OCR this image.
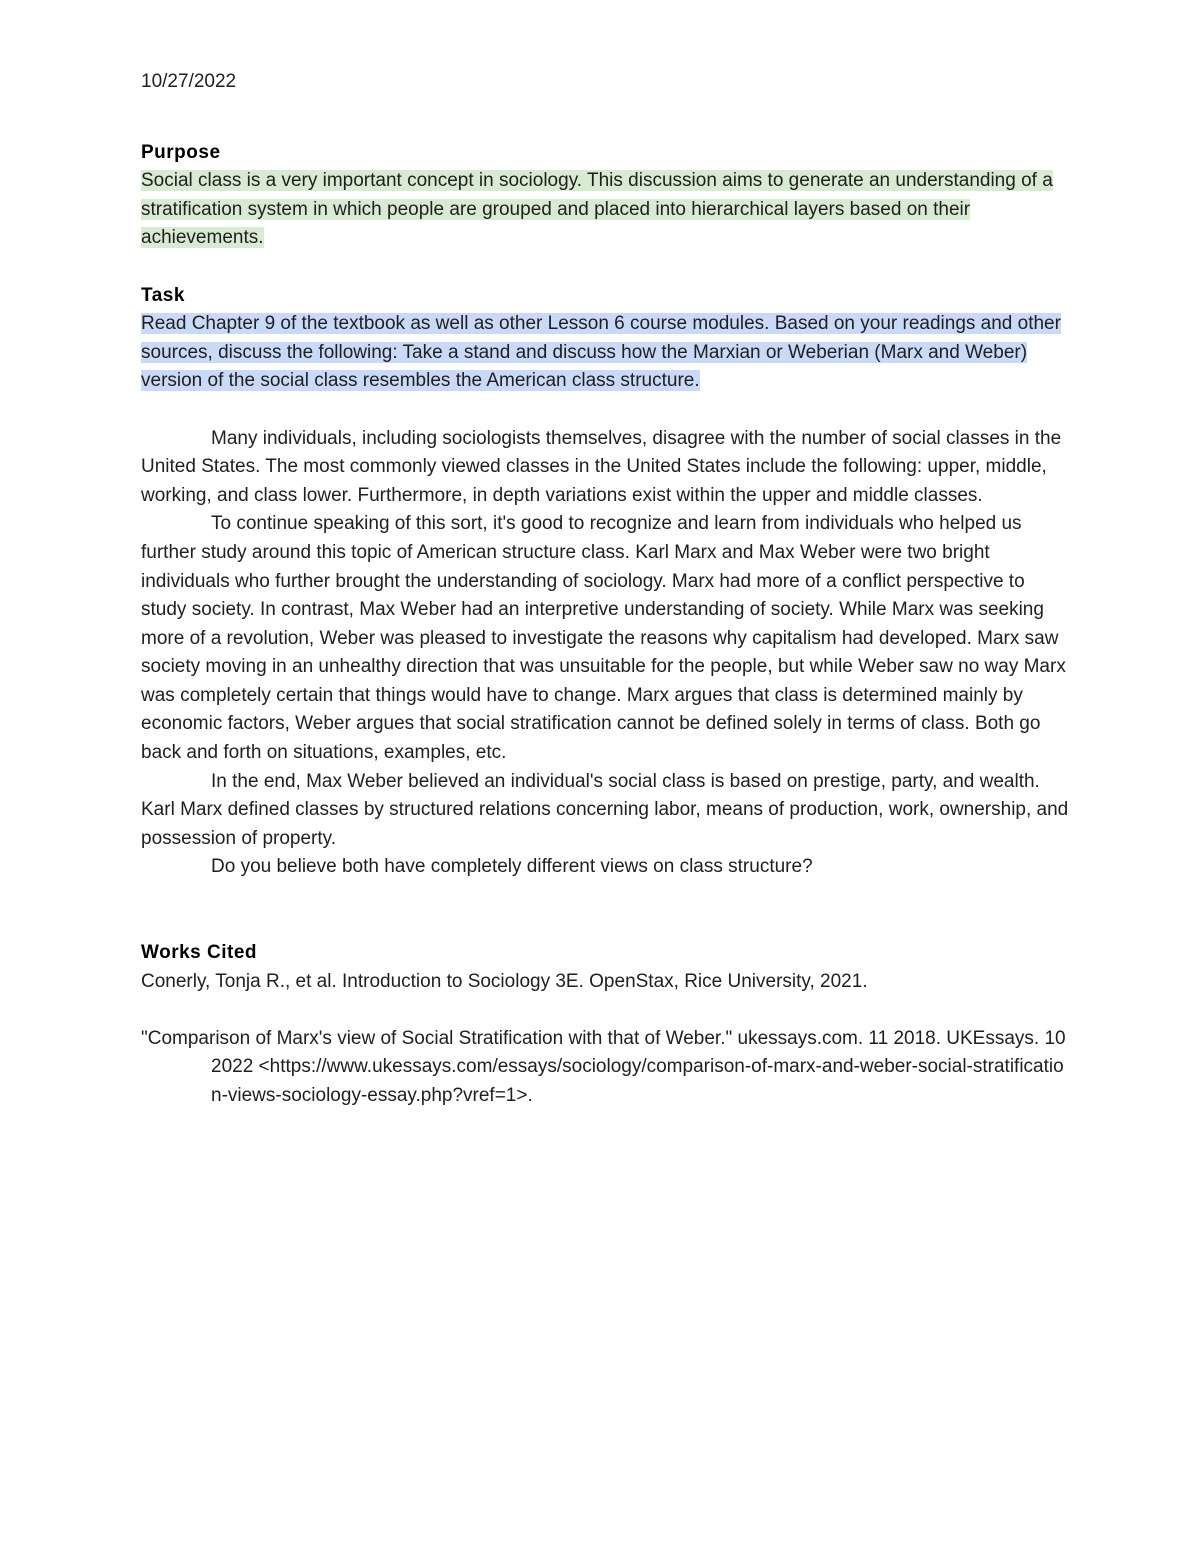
10/27/2022

Purpose

Social class is a very important concept in sociology. This discussion aims to generate an understanding of a stratification system in which people are grouped and placed into hierarchical layers based on their achievements.

Task

Read Chapter 9 of the textbook as well as other Lesson 6 course modules. Based on your readings and other sources, discuss the following: Take a stand and discuss how the Marxian or Weberian (Marx and Weber) version of the social class resembles the American class structure.

Many individuals, including sociologists themselves, disagree with the number of social classes in the United States. The most commonly viewed classes in the United States include the following: upper, middle, working, and class lower. Furthermore, in depth variations exist within the upper and middle classes.

To continue speaking of this sort, it's good to recognize and learn from individuals who helped us further study around this topic of American structure class. Karl Marx and Max Weber were two bright individuals who further brought the understanding of sociology. Marx had more of a conflict perspective to study society. In contrast, Max Weber had an interpretive understanding of society. While Marx was seeking more of a revolution, Weber was pleased to investigate the reasons why capitalism had developed. Marx saw society moving in an unhealthy direction that was unsuitable for the people, but while Weber saw no way Marx was completely certain that things would have to change. Marx argues that class is determined mainly by economic factors, Weber argues that social stratification cannot be defined solely in terms of class. Both go back and forth on situations, examples, etc.

In the end, Max Weber believed an individual's social class is based on prestige, party, and wealth. Karl Marx defined classes by structured relations concerning labor, means of production, work, ownership, and possession of property.

Do you believe both have completely different views on class structure?

Works Cited

Conerly, Tonja R., et al. Introduction to Sociology 3E. OpenStax, Rice University, 2021.

"Comparison of Marx's view of Social Stratification with that of Weber." ukessays.com. 11 2018. UKEssays. 10 2022 <https://www.ukessays.com/essays/sociology/comparison-of-marx-and-weber-social-stratification-views-sociology-essay.php?vref=1>.
